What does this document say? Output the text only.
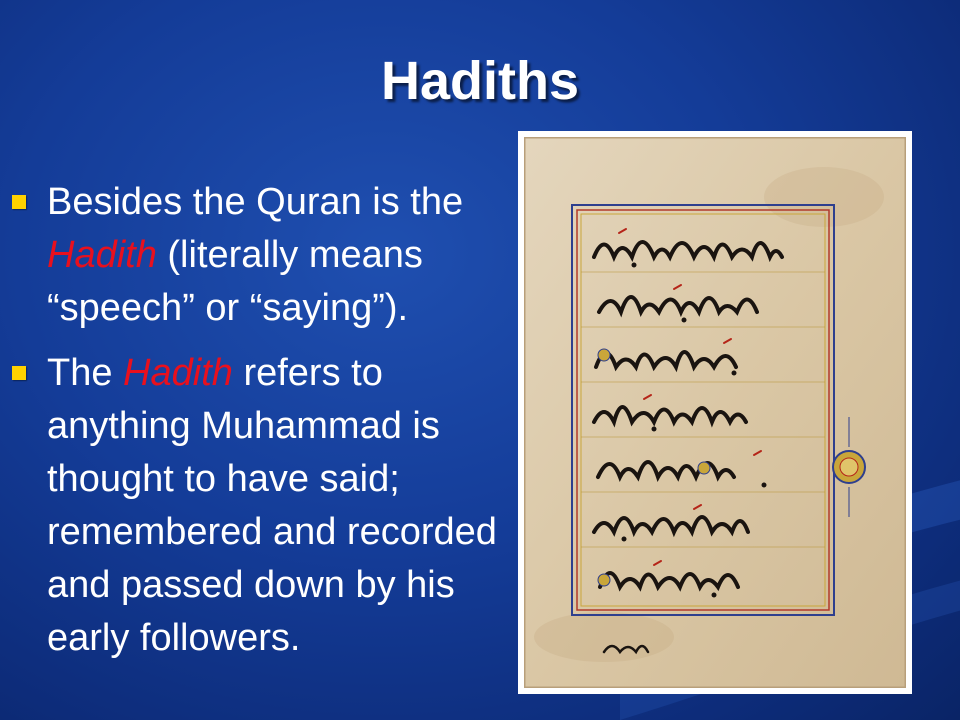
Hadiths
Besides the Quran is the Hadith (literally means “speech” or “saying”).
The Hadith refers to anything Muhammad is thought to have said; remembered and recorded and passed down by his early followers.
